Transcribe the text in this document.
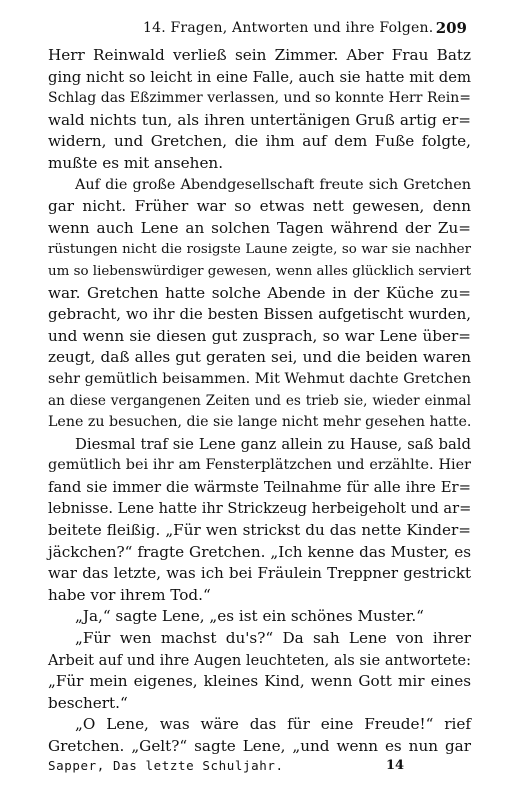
14. Fragen, Antworten und ihre Folgen. 209
Herr Reinwald verließ sein Zimmer. Aber Frau Batz
ging nicht so leicht in eine Falle, auch sie hatte mit dem
Schlag das Eßzimmer verlassen, und so konnte Herr Rein=
wald nichts tun, als ihren untertänigen Gruß artig er=
widern, und Gretchen, die ihm auf dem Fuße folgte,
mußte es mit ansehen.
Auf die große Abendgesellschaft freute sich Gretchen
gar nicht. Früher war so etwas nett gewesen, denn
wenn auch Lene an solchen Tagen während der Zu=
rüstungen nicht die rosigste Laune zeigte, so war sie nachher
um so liebenswürdiger gewesen, wenn alles glücklich serviert
war. Gretchen hatte solche Abende in der Küche zu=
gebracht, wo ihr die besten Bissen aufgetischt wurden,
und wenn sie diesen gut zusprach, so war Lene über=
zeugt, daß alles gut geraten sei, und die beiden waren
sehr gemütlich beisammen. Mit Wehmut dachte Gretchen
an diese vergangenen Zeiten und es trieb sie, wieder einmal
Lene zu besuchen, die sie lange nicht mehr gesehen hatte.
Diesmal traf sie Lene ganz allein zu Hause, saß bald
gemütlich bei ihr am Fensterplätzchen und erzählte. Hier
fand sie immer die wärmste Teilnahme für alle ihre Er=
lebnisse. Lene hatte ihr Strickzeug herbeigeholt und ar=
beitete fleißig. „Für wen strickst du das nette Kinder=
jäckchen?“ fragte Gretchen. „Ich kenne das Muster, es
war das letzte, was ich bei Fräulein Treppner gestrickt
habe vor ihrem Tod.“
„Ja,“ sagte Lene, „es ist ein schönes Muster.“
„Für wen machst du's?“ Da sah Lene von ihrer
Arbeit auf und ihre Augen leuchteten, als sie antwortete:
„Für mein eigenes, kleines Kind, wenn Gott mir eines
beschert.“
„O Lene, was wäre das für eine Freude!“ rief
Gretchen. „Gelt?“ sagte Lene, „und wenn es nun gar
Sapper, Das letzte Schuljahr.	14
